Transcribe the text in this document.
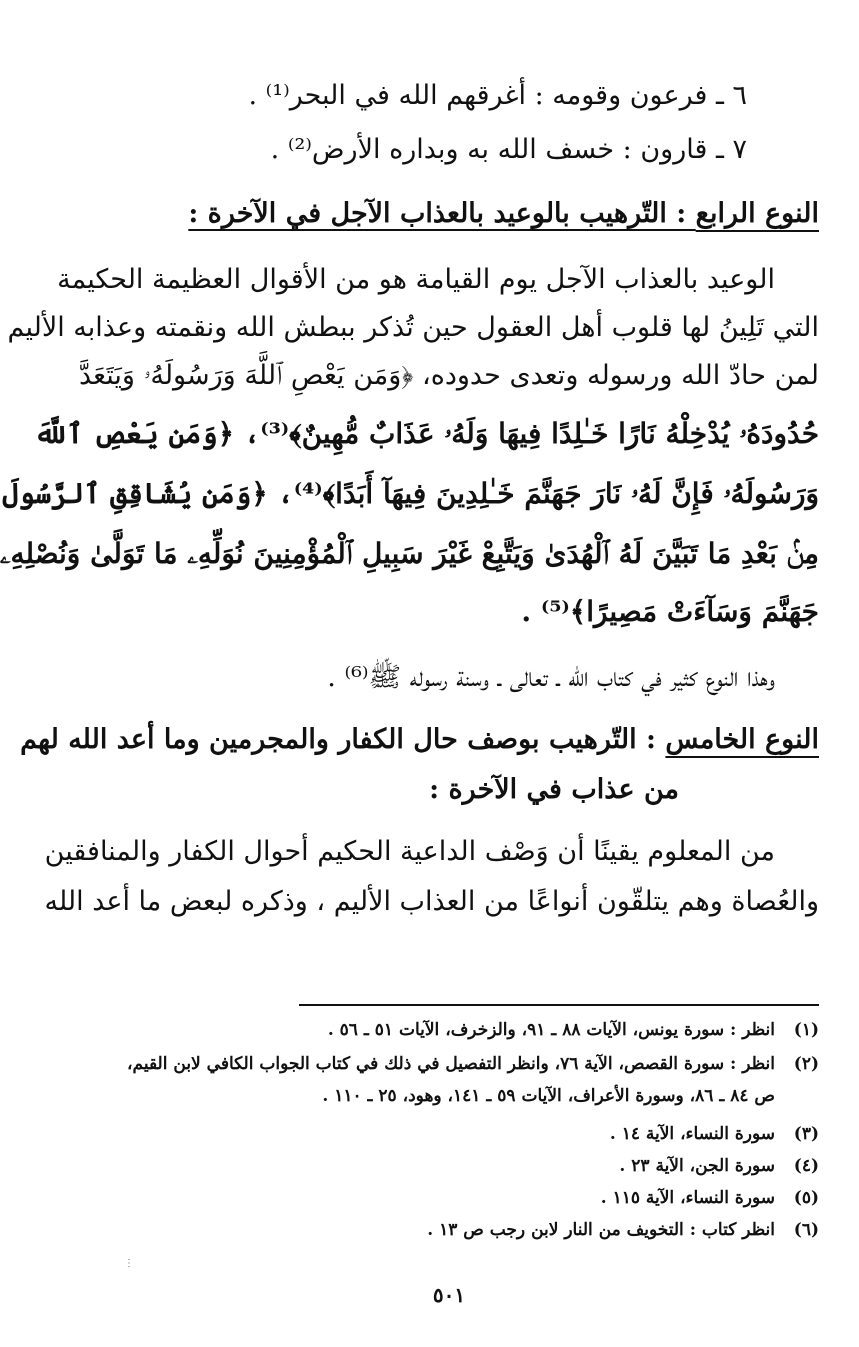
٦ ـ فرعون وقومه : أغرقهم الله في البحر⁽¹⁾ .
٧ ـ قارون : خسف الله به وبداره الأرض⁽²⁾ .
النوع الرابع : التّرهيب بالوعيد بالعذاب الآجل في الآخرة :
الوعيد بالعذاب الآجل يوم القيامة هو من الأقوال العظيمة الحكيمة
التي تَلِينُ لها قلوب أهل العقول حين تُذكر ببطش الله ونقمته وعذابه الأليم
لمن حادّ الله ورسوله وتعدى حدوده، ﴿وَمَن يَعْصِ ٱللَّهَ وَرَسُولَهُۥ وَيَتَعَدَّ
حُدُودَهُۥ يُدْخِلْهُ نَارًا خَـٰلِدًا فِيهَا وَلَهُۥ عَذَابٌ مُّهِينٌ﴾⁽³⁾، ﴿وَمَن يَعْصِ ٱللَّهَ
وَرَسُولَهُۥ فَإِنَّ لَهُۥ نَارَ جَهَنَّمَ خَـٰلِدِينَ فِيهَآ أَبَدًا﴾⁽⁴⁾، ﴿وَمَن يُشَاقِقِ ٱلرَّسُولَ
مِنۢ بَعْدِ مَا تَبَيَّنَ لَهُ ٱلْهُدَىٰ وَيَتَّبِعْ غَيْرَ سَبِيلِ ٱلْمُؤْمِنِينَ نُوَلِّهِۦ مَا تَوَلَّىٰ وَنُصْلِهِۦ
جَهَنَّمَ وَسَآءَتْ مَصِيرًا﴾⁽⁵⁾ .
وهذا النوع كثير في كتاب الله ـ تعالى ـ وسنة رسوله ﷺ⁽⁶⁾ .
النوع الخامس : التّرهيب بوصف حال الكفار والمجرمين وما أعد الله لهم
من عذاب في الآخرة :
من المعلوم يقينًا أن وَصْف الداعية الحكيم أحوال الكفار والمنافقين
والعُصاة وهم يتلقّون أنواعًا من العذاب الأليم ، وذكره لبعض ما أعد الله
(١)انظر : سورة يونس، الآيات ٨٨ ـ ٩١، والزخرف، الآيات ٥١ ـ ٥٦ .
(٢)انظر : سورة القصص، الآية ٧٦، وانظر التفصيل في ذلك في كتاب الجواب الكافي لابن القيم،
ص ٨٤ ـ ٨٦، وسورة الأعراف، الآيات ٥٩ ـ ١٤١، وهود، ٢٥ ـ ١١٠ .
(٣)سورة النساء، الآية ١٤ .
(٤)سورة الجن، الآية ٢٣ .
(٥)سورة النساء، الآية ١١٥ .
(٦)انظر كتاب : التخويف من النار لابن رجب ص ١٣ .
⋮
٥٠١
